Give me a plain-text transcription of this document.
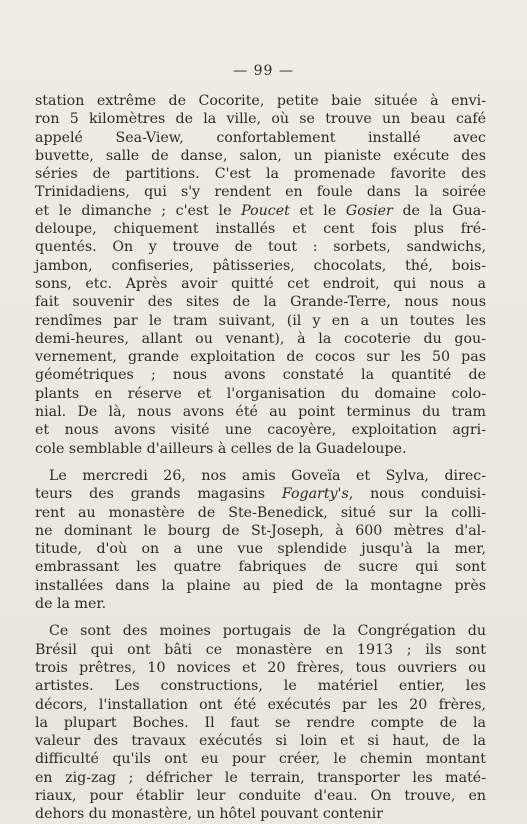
— 99 —
station extrême de Cocorite, petite baie située à envi-
ron 5 kilomètres de la ville, où se trouve un beau café
appelé Sea-View, confortablement installé avec
buvette, salle de danse, salon, un pianiste exécute des
séries de partitions. C'est la promenade favorite des
Trinidadiens, qui s'y rendent en foule dans la soirée
et le dimanche ; c'est le Poucet et le Gosier de la Gua-
deloupe, chiquement installés et cent fois plus fré-
quentés. On y trouve de tout : sorbets, sandwichs,
jambon, confiseries, pâtisseries, chocolats, thé, bois-
sons, etc. Après avoir quitté cet endroit, qui nous a
fait souvenir des sites de la Grande-Terre, nous nous
rendîmes par le tram suivant, (il y en a un toutes les
demi-heures, allant ou venant), à la cocoterie du gou-
vernement, grande exploitation de cocos sur les 50 pas
géométriques ; nous avons constaté la quantité de
plants en réserve et l'organisation du domaine colo-
nial. De là, nous avons été au point terminus du tram
et nous avons visité une cacoyère, exploitation agri-
cole semblable d'ailleurs à celles de la Guadeloupe.
Le mercredi 26, nos amis Goveïa et Sylva, direc-
teurs des grands magasins Fogarty's, nous conduisi-
rent au monastère de Ste-Benedick, situé sur la colli-
ne dominant le bourg de St-Joseph, à 600 mètres d'al-
titude, d'où on a une vue splendide jusqu'à la mer,
embrassant les quatre fabriques de sucre qui sont
installées dans la plaine au pied de la montagne près
de la mer.
Ce sont des moines portugais de la Congrégation du
Brésil qui ont bâti ce monastère en 1913 ; ils sont
trois prêtres, 10 novices et 20 frères, tous ouvriers ou
artistes. Les constructions, le matériel entier, les
décors, l'installation ont été exécutés par les 20 frères,
la plupart Boches. Il faut se rendre compte de la
valeur des travaux exécutés si loin et si haut, de la
difficulté qu'ils ont eu pour créer, le chemin montant
en zig-zag ; défricher le terrain, transporter les maté-
riaux, pour établir leur conduite d'eau. On trouve, en
dehors du monastère, un hôtel pouvant contenir
